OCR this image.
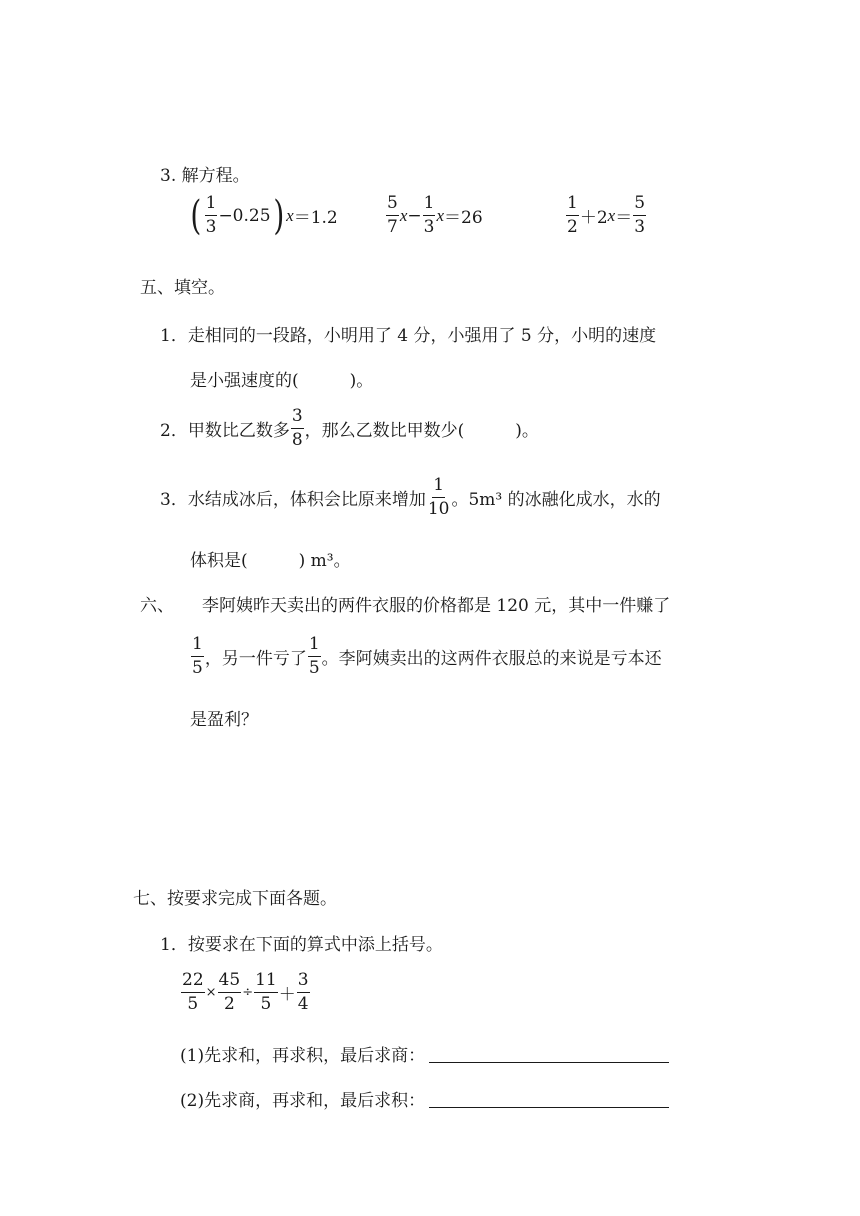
3. 解方程。
( $\frac{1}{3} -0.25$ ) x ＝1.2	$\frac{5}{7}$ $x - \frac{1}{3}$ x ＝26	$\frac{1}{2} +2$ $x = \frac{5}{3}$
五、填空。
1． 走相同的一段路，小明用了 4 分，小强用了 5 分，小明的速度
是小强速度的(　　　)。
2． 甲数比乙数多 $\frac{3}{8}$ ，那么乙数比甲数少(　　　)。
3． 水结成冰后，体积会比原来增加 $\frac{1}{10}$ 。5m³ 的冰融化成水，水的
体积是(　　　) m³。
六、 李阿姨昨天卖出的两件衣服的价格都是 120 元，其中一件赚了
$\frac{1}{5}$ ，另一件亏了 $\frac{1}{5}$ 。李阿姨卖出的这两件衣服总的来说是亏本还
是盈利？
七、按要求完成下面各题。
1． 按要求在下面的算式中添上括号。
$\frac{22}{5} \times \frac{45}{2} \div \frac{11}{5} + \frac{3}{4}$
(1)先求和，再求积，最后求商：
(2)先求商，再求和，最后求积：
